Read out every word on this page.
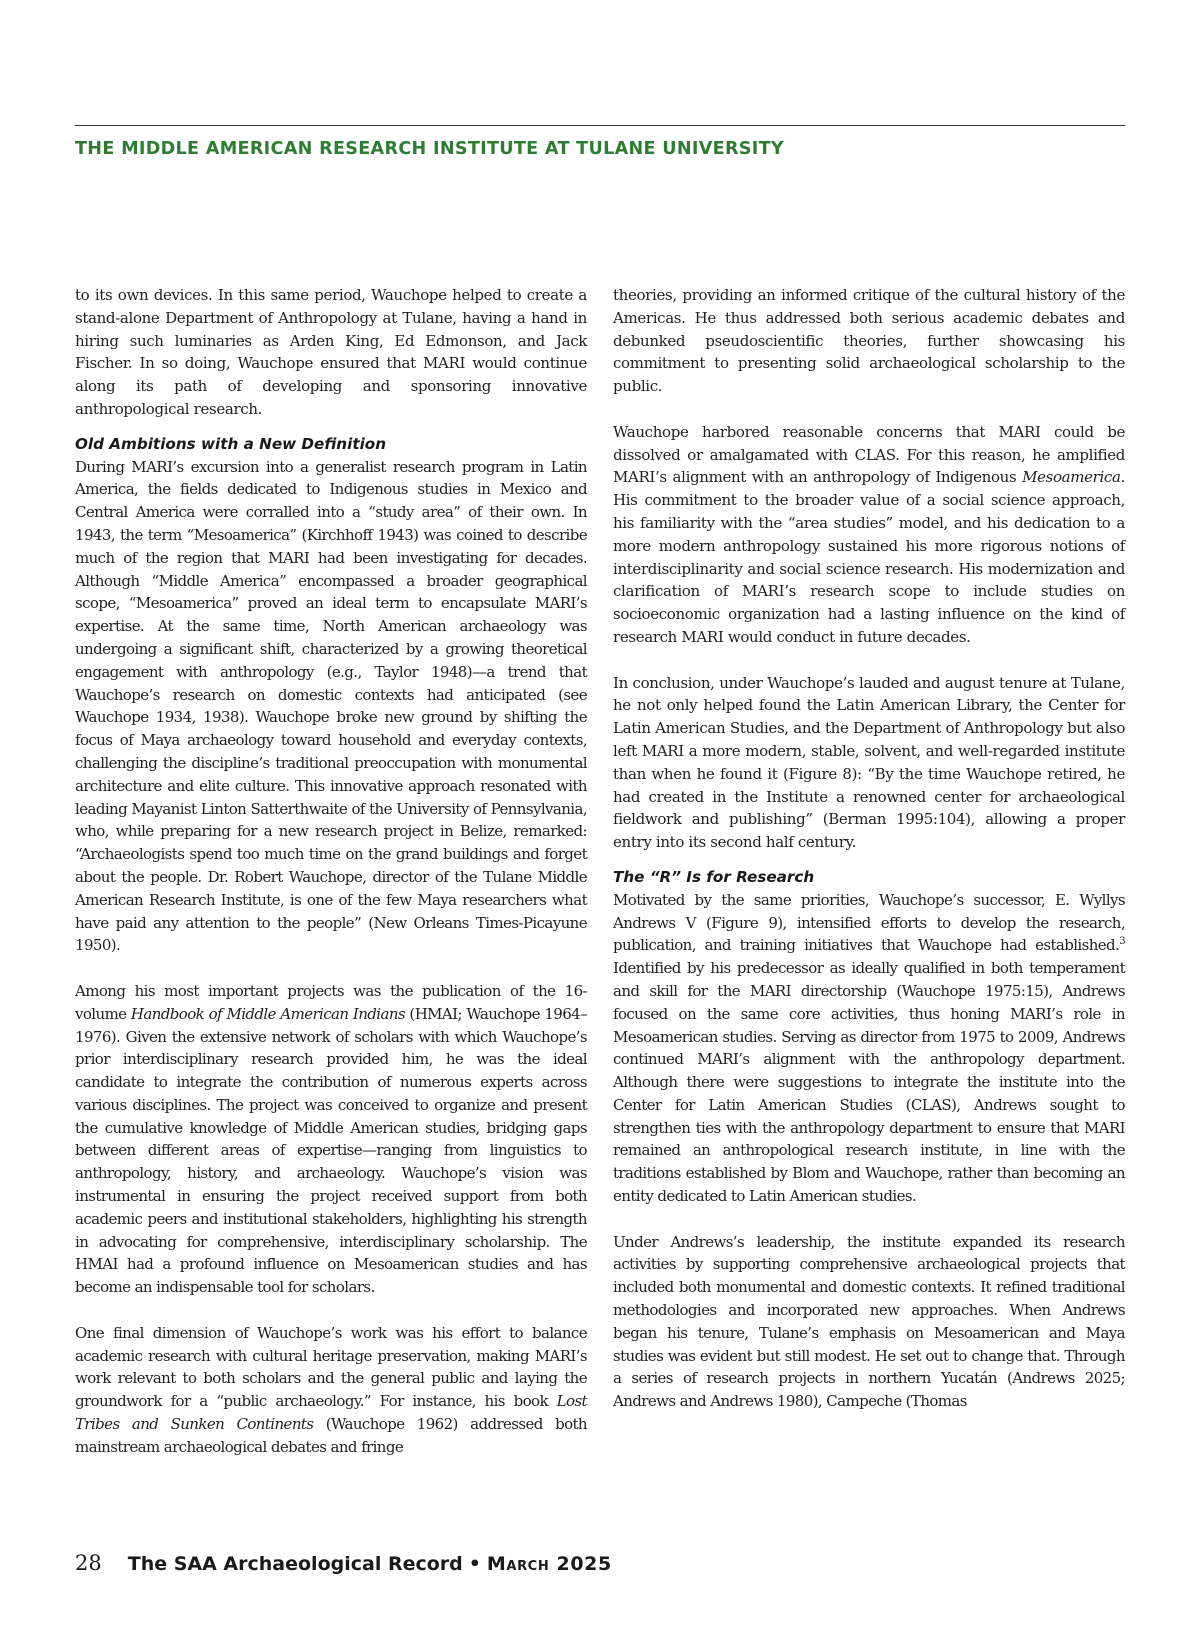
THE MIDDLE AMERICAN RESEARCH INSTITUTE AT TULANE UNIVERSITY

to its own devices. In this same period, Wauchope helped to create a stand-alone Department of Anthropology at Tulane, having a hand in hiring such luminaries as Arden King, Ed Edmonson, and Jack Fischer. In so doing, Wauchope ensured that MARI would continue along its path of developing and sponsoring innovative anthropological research.

Old Ambitions with a New Definition

During MARI’s excursion into a generalist research program in Latin America, the fields dedicated to Indigenous studies in Mexico and Central America were corralled into a “study area” of their own. In 1943, the term “Mesoamerica” (Kirchhoff 1943) was coined to describe much of the region that MARI had been investigating for decades. Although “Middle America” encompassed a broader geographical scope, “Mesoamerica” proved an ideal term to encapsulate MARI’s expertise. At the same time, North American archaeology was undergoing a significant shift, characterized by a growing theoretical engagement with anthropology (e.g., Taylor 1948)—a trend that Wauchope’s research on domestic contexts had anticipated (see Wauchope 1934, 1938). Wauchope broke new ground by shifting the focus of Maya archaeology toward household and everyday contexts, challenging the discipline’s traditional preoccupation with monumental architecture and elite culture. This innovative approach resonated with leading Mayanist Linton Satterthwaite of the University of Pennsylvania, who, while preparing for a new research project in Belize, remarked: “Archaeologists spend too much time on the grand buildings and forget about the people. Dr. Robert Wauchope, director of the Tulane Middle American Research Institute, is one of the few Maya researchers what have paid any attention to the people” (New Orleans Times-Picayune 1950).

Among his most important projects was the publication of the 16-volume Handbook of Middle American Indians (HMAI; Wauchope 1964–1976). Given the extensive network of scholars with which Wauchope’s prior interdisciplinary research provided him, he was the ideal candidate to integrate the contribution of numerous experts across various disciplines. The project was conceived to organize and present the cumulative knowledge of Middle American studies, bridging gaps between different areas of expertise—ranging from linguistics to anthropology, history, and archaeology. Wauchope’s vision was instrumental in ensuring the project received support from both academic peers and institutional stakeholders, highlighting his strength in advocating for comprehensive, interdisciplinary scholarship. The HMAI had a profound influence on Mesoamerican studies and has become an indispensable tool for scholars.

One final dimension of Wauchope’s work was his effort to balance academic research with cultural heritage preservation, making MARI’s work relevant to both scholars and the general public and laying the groundwork for a “public archaeology.” For instance, his book Lost Tribes and Sunken Continents (Wauchope 1962) addressed both mainstream archaeological debates and fringe

theories, providing an informed critique of the cultural history of the Americas. He thus addressed both serious academic debates and debunked pseudoscientific theories, further showcasing his commitment to presenting solid archaeological scholarship to the public.

Wauchope harbored reasonable concerns that MARI could be dissolved or amalgamated with CLAS. For this reason, he amplified MARI’s alignment with an anthropology of Indigenous Mesoamerica. His commitment to the broader value of a social science approach, his familiarity with the “area studies” model, and his dedication to a more modern anthropology sustained his more rigorous notions of interdisciplinarity and social science research. His modernization and clarification of MARI’s research scope to include studies on socioeconomic organization had a lasting influence on the kind of research MARI would conduct in future decades.

In conclusion, under Wauchope’s lauded and august tenure at Tulane, he not only helped found the Latin American Library, the Center for Latin American Studies, and the Department of Anthropology but also left MARI a more modern, stable, solvent, and well-regarded institute than when he found it (Figure 8): “By the time Wauchope retired, he had created in the Institute a renowned center for archaeological fieldwork and publishing” (Berman 1995:104), allowing a proper entry into its second half century.

The “R” Is for Research

Motivated by the same priorities, Wauchope’s successor, E. Wyllys Andrews V (Figure 9), intensified efforts to develop the research, publication, and training initiatives that Wauchope had established.$^3$ Identified by his predecessor as ideally qualified in both temperament and skill for the MARI directorship (Wauchope 1975:15), Andrews focused on the same core activities, thus honing MARI’s role in Mesoamerican studies. Serving as director from 1975 to 2009, Andrews continued MARI’s alignment with the anthropology department. Although there were suggestions to integrate the institute into the Center for Latin American Studies (CLAS), Andrews sought to strengthen ties with the anthropology department to ensure that MARI remained an anthropological research institute, in line with the traditions established by Blom and Wauchope, rather than becoming an entity dedicated to Latin American studies.

Under Andrews’s leadership, the institute expanded its research activities by supporting comprehensive archaeological projects that included both monumental and domestic contexts. It refined traditional methodologies and incorporated new approaches. When Andrews began his tenure, Tulane’s emphasis on Mesoamerican and Maya studies was evident but still modest. He set out to change that. Through a series of research projects in northern Yucatán (Andrews 2025; Andrews and Andrews 1980), Campeche (Thomas

28 The SAA Archaeological Record • March 2025
